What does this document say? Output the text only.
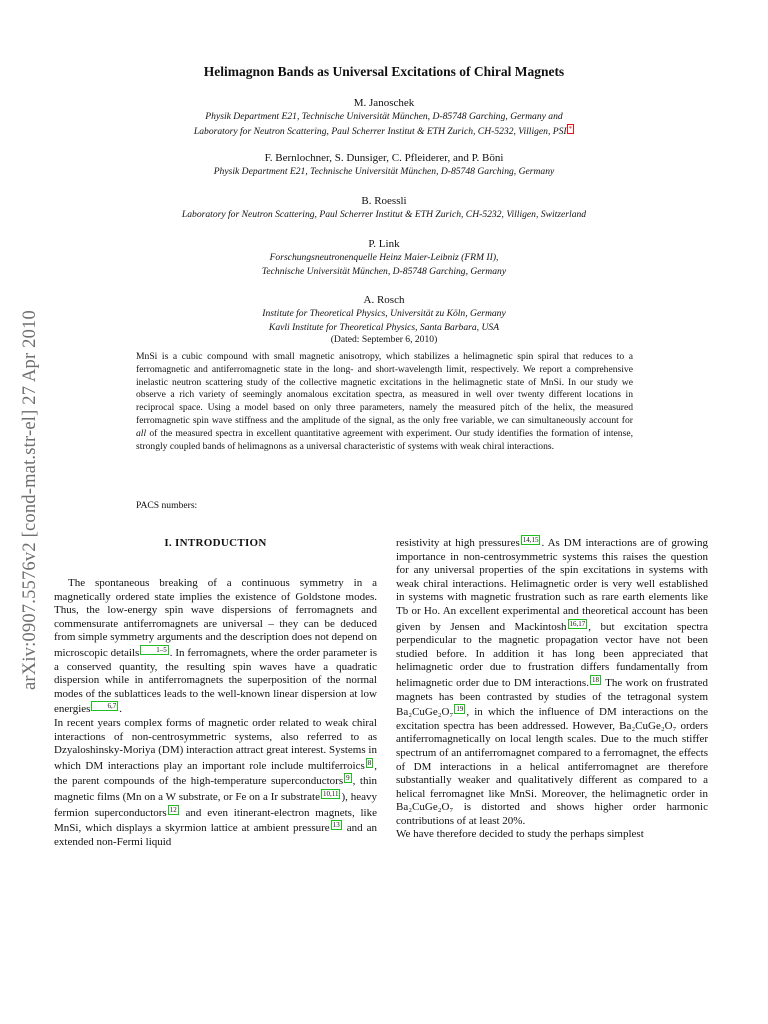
arXiv:0907.5576v2 [cond-mat.str-el] 27 Apr 2010
Helimagnon Bands as Universal Excitations of Chiral Magnets
M. Janoschek
Physik Department E21, Technische Universität München, D-85748 Garching, Germany and
Laboratory for Neutron Scattering, Paul Scherrer Institut & ETH Zurich, CH-5232, Villigen, PSI *
F. Bernlochner, S. Dunsiger, C. Pfleiderer, and P. Böni
Physik Department E21, Technische Universität München, D-85748 Garching, Germany
B. Roessli
Laboratory for Neutron Scattering, Paul Scherrer Institut & ETH Zurich, CH-5232, Villigen, Switzerland
P. Link
Forschungsneutronenquelle Heinz Maier-Leibniz (FRM II),
Technische Universität München, D-85748 Garching, Germany
A. Rosch
Institute for Theoretical Physics, Universität zu Köln, Germany
Kavli Institute for Theoretical Physics, Santa Barbara, USA
(Dated: September 6, 2010)

MnSi is a cubic compound with small magnetic anisotropy, which stabilizes a helimagnetic spin spiral that reduces to a ferromagnetic and antiferromagnetic state in the long- and short-wavelength limit, respectively. We report a comprehensive inelastic neutron scattering study of the collective magnetic excitations in the helimagnetic state of MnSi. In our study we observe a rich variety of seemingly anomalous excitation spectra, as measured in well over twenty different locations in reciprocal space. Using a model based on only three parameters, namely the measured pitch of the helix, the measured ferromagnetic spin wave stiffness and the amplitude of the signal, as the only free variable, we can simultaneously account for all of the measured spectra in excellent quantitative agreement with experiment. Our study identifies the formation of intense, strongly coupled bands of helimagnons as a universal characteristic of systems with weak chiral interactions.

PACS numbers:

I. INTRODUCTION

The spontaneous breaking of a continuous symmetry in a magnetically ordered state implies the existence of Goldstone modes. Thus, the low-energy spin wave dispersions of ferromagnets and commensurate antiferromagnets are universal – they can be deduced from simple symmetry arguments and the description does not depend on microscopic details 1–5 . In ferromagnets, where the order parameter is a conserved quantity, the resulting spin waves have a quadratic dispersion while in antiferromagnets the superposition of the normal modes of the sublattices leads to the well-known linear dispersion at low energies 6,7 .

In recent years complex forms of magnetic order related to weak chiral interactions of non-centrosymmetric systems, also referred to as Dzyaloshinsky-Moriya (DM) interaction attract great interest. Systems in which DM interactions play an important role include multiferroics 8 , the parent compounds of the high-temperature superconductors 9 , thin magnetic films (Mn on a W substrate, or Fe on a Ir substrate 10,11 ), heavy fermion superconductors 12 and even itinerant-electron magnets, like MnSi, which displays a skyrmion lattice at ambient pressure 13 and an extended non-Fermi liquid

resistivity at high pressures 14,15 . As DM interactions are of growing importance in non-centrosymmetric systems this raises the question for any universal properties of the spin excitations in systems with weak chiral interactions. Helimagnetic order is very well established in systems with magnetic frustration such as rare earth elements like Tb or Ho. An excellent experimental and theoretical account has been given by Jensen and Mackintosh 16,17 , but excitation spectra perpendicular to the magnetic propagation vector have not been studied before. In addition it has long been appreciated that helimagnetic order due to frustration differs fundamentally from helimagnetic order due to DM interactions. 18 The work on frustrated magnets has been contrasted by studies of the tetragonal system Ba₂CuGe₂O₇ 19 , in which the influence of DM interactions on the excitation spectra has been addressed. However, Ba₂CuGe₂O₇ orders antiferromagnetically on local length scales. Due to the much stiffer spectrum of an antiferromagnet compared to a ferromagnet, the effects of DM interactions in a helical antiferromagnet are therefore substantially weaker and qualitatively different as compared to a helical ferromagnet like MnSi. Moreover, the helimagnetic order in Ba₂CuGe₂O₇ is distorted and shows higher order harmonic contributions of at least 20%.

We have therefore decided to study the perhaps simplest
